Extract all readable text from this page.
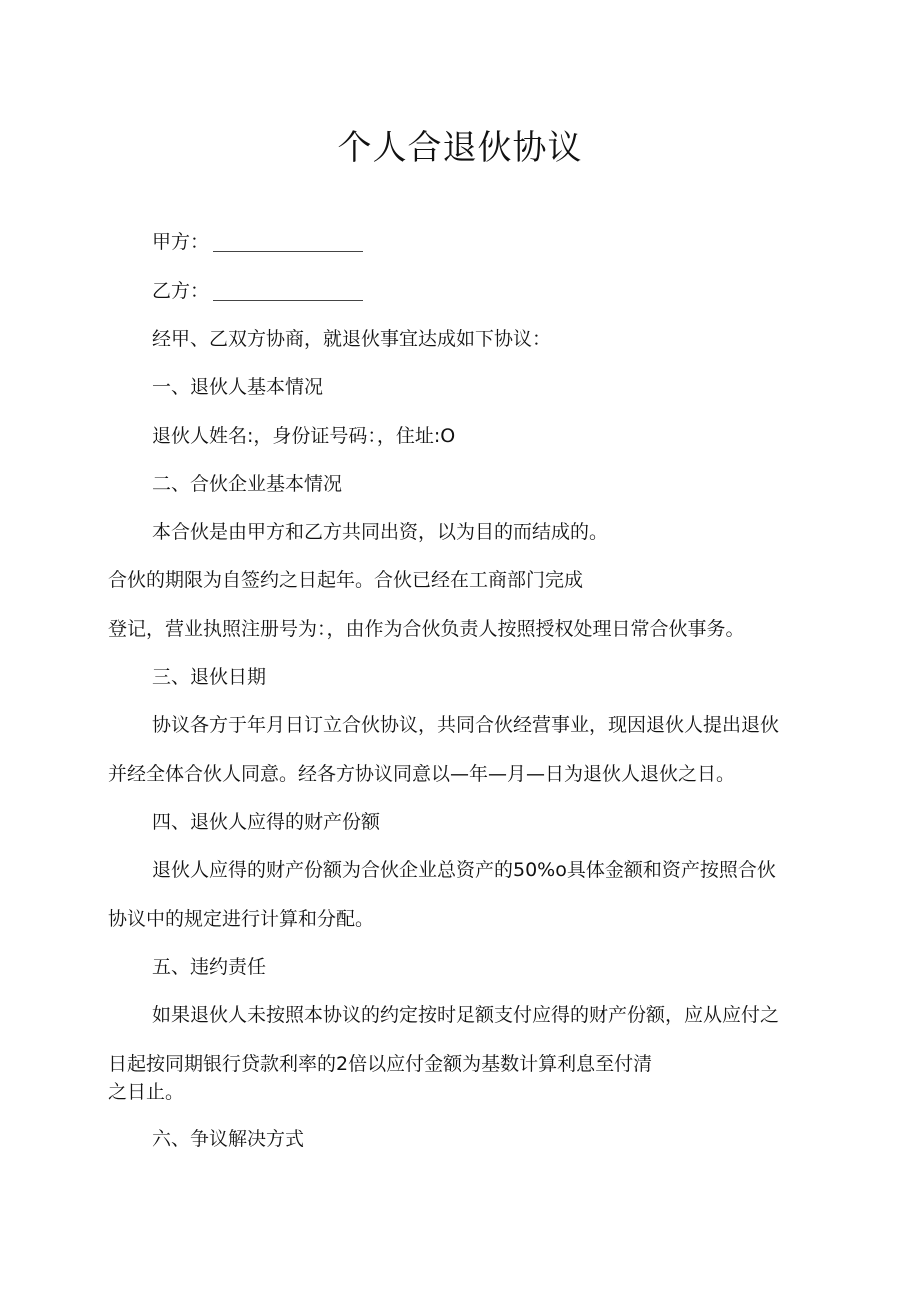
个人合退伙协议

甲方：

乙方：

经甲、乙双方协商，就退伙事宜达成如下协议：

一、退伙人基本情况

退伙人姓名:，身份证号码：，住址:O

二、合伙企业基本情况

本合伙是由甲方和乙方共同出资，以为目的而结成的。

合伙的期限为自签约之日起年。合伙已经在工商部门完成

登记，营业执照注册号为：，由作为合伙负责人按照授权处理日常合伙事务。

三、退伙日期

协议各方于年月日订立合伙协议，共同合伙经营事业，现因退伙人提出退伙

并经全体合伙人同意。经各方协议同意以—年—月—日为退伙人退伙之日。

四、退伙人应得的财产份额

退伙人应得的财产份额为合伙企业总资产的50%o具体金额和资产按照合伙

协议中的规定进行计算和分配。

五、违约责任

如果退伙人未按照本协议的约定按时足额支付应得的财产份额，应从应付之

日起按同期银行贷款利率的2倍以应付金额为基数计算利息至付清

之日止。

六、争议解决方式
